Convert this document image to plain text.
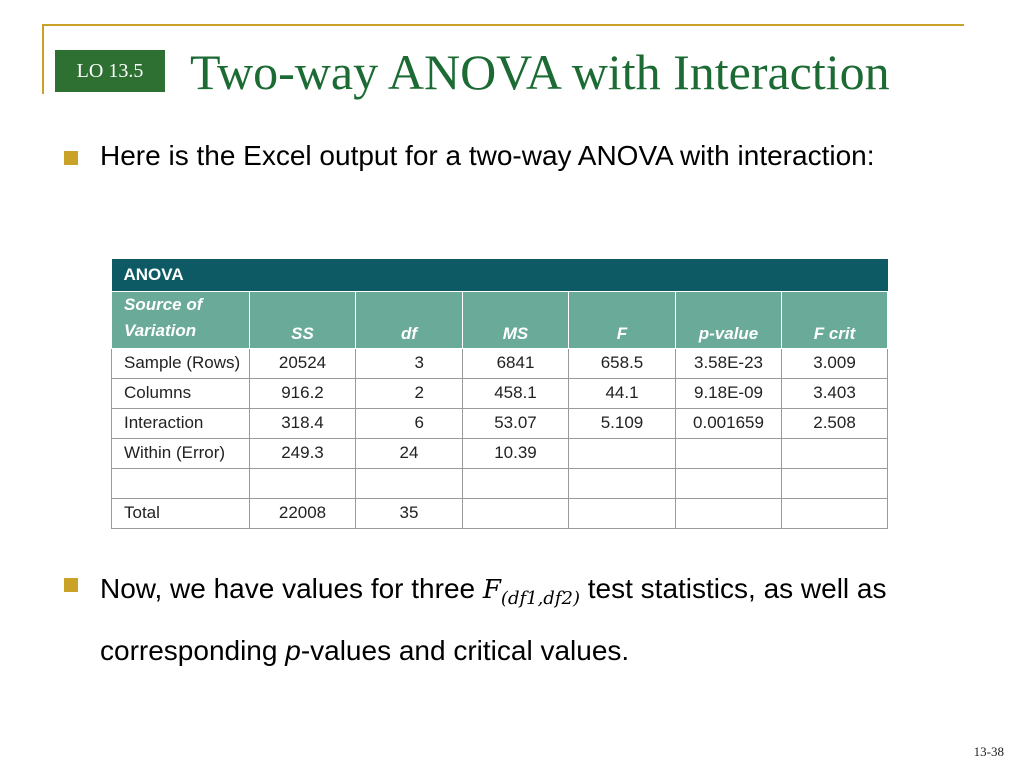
LO 13.5 Two-way ANOVA with Interaction
Here is the Excel output for a two-way ANOVA with interaction:
ANOVA						
Source of
Variation	SS	df	MS	F	p-value	F crit
Sample (Rows)	20524	3	6841	658.5	3.58E-23	3.009
Columns	916.2	2	458.1	44.1	9.18E-09	3.403
Interaction	318.4	6	53.07	5.109	0.001659	2.508
Within (Error)	249.3	24	10.39			

Total	22008	35				
Now, we have values for three $F_{(df1,df2)}$ test statistics, as well as corresponding p-values and critical values.
13-38
